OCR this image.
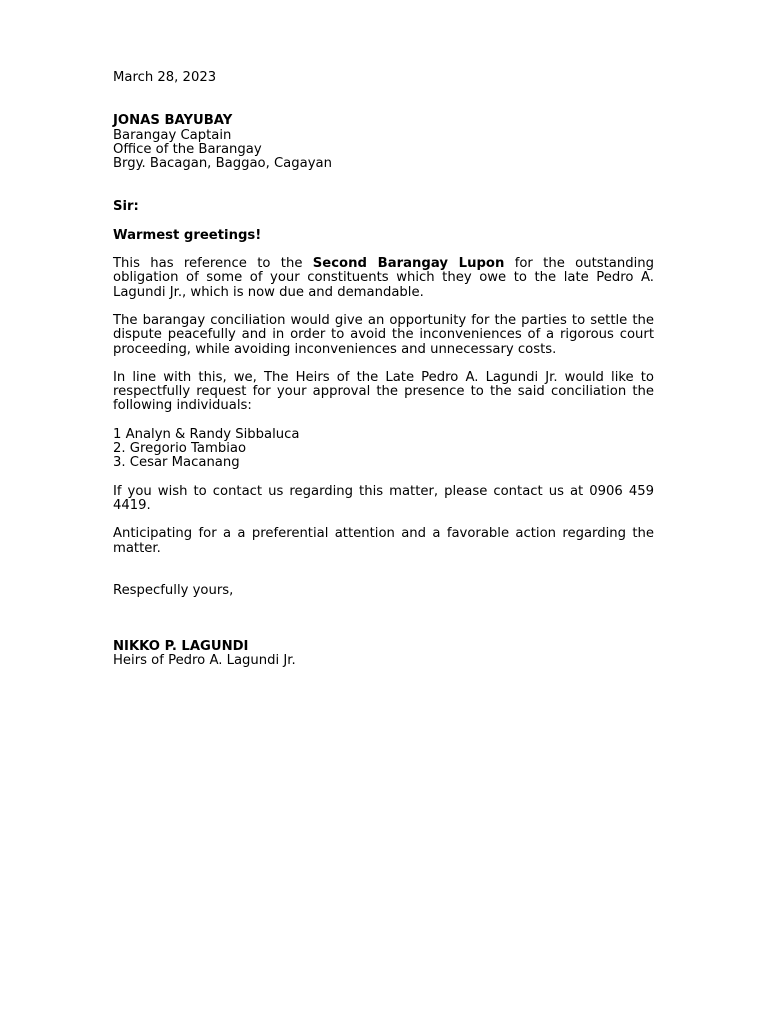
March 28, 2023
JONAS BAYUBAY
Barangay Captain
Office of the Barangay
Brgy. Bacagan, Baggao, Cagayan
Sir:
Warmest greetings!
This has reference to the Second Barangay Lupon for the outstanding obligation of some of your constituents which they owe to the late Pedro A. Lagundi Jr., which is now due and demandable.
The barangay conciliation would give an opportunity for the parties to settle the dispute peacefully and in order to avoid the inconveniences of a rigorous court proceeding, while avoiding inconveniences and unnecessary costs.
In line with this, we, The Heirs of the Late Pedro A. Lagundi Jr. would like to respectfully request for your approval the presence to the said conciliation the following individuals:
1 Analyn & Randy Sibbaluca
2. Gregorio Tambiao
3. Cesar Macanang
If you wish to contact us regarding this matter, please contact us at 0906 459 4419.
Anticipating for a a preferential attention and a favorable action regarding the matter.
Respecfully yours,
NIKKO P. LAGUNDI
Heirs of Pedro A. Lagundi Jr.
